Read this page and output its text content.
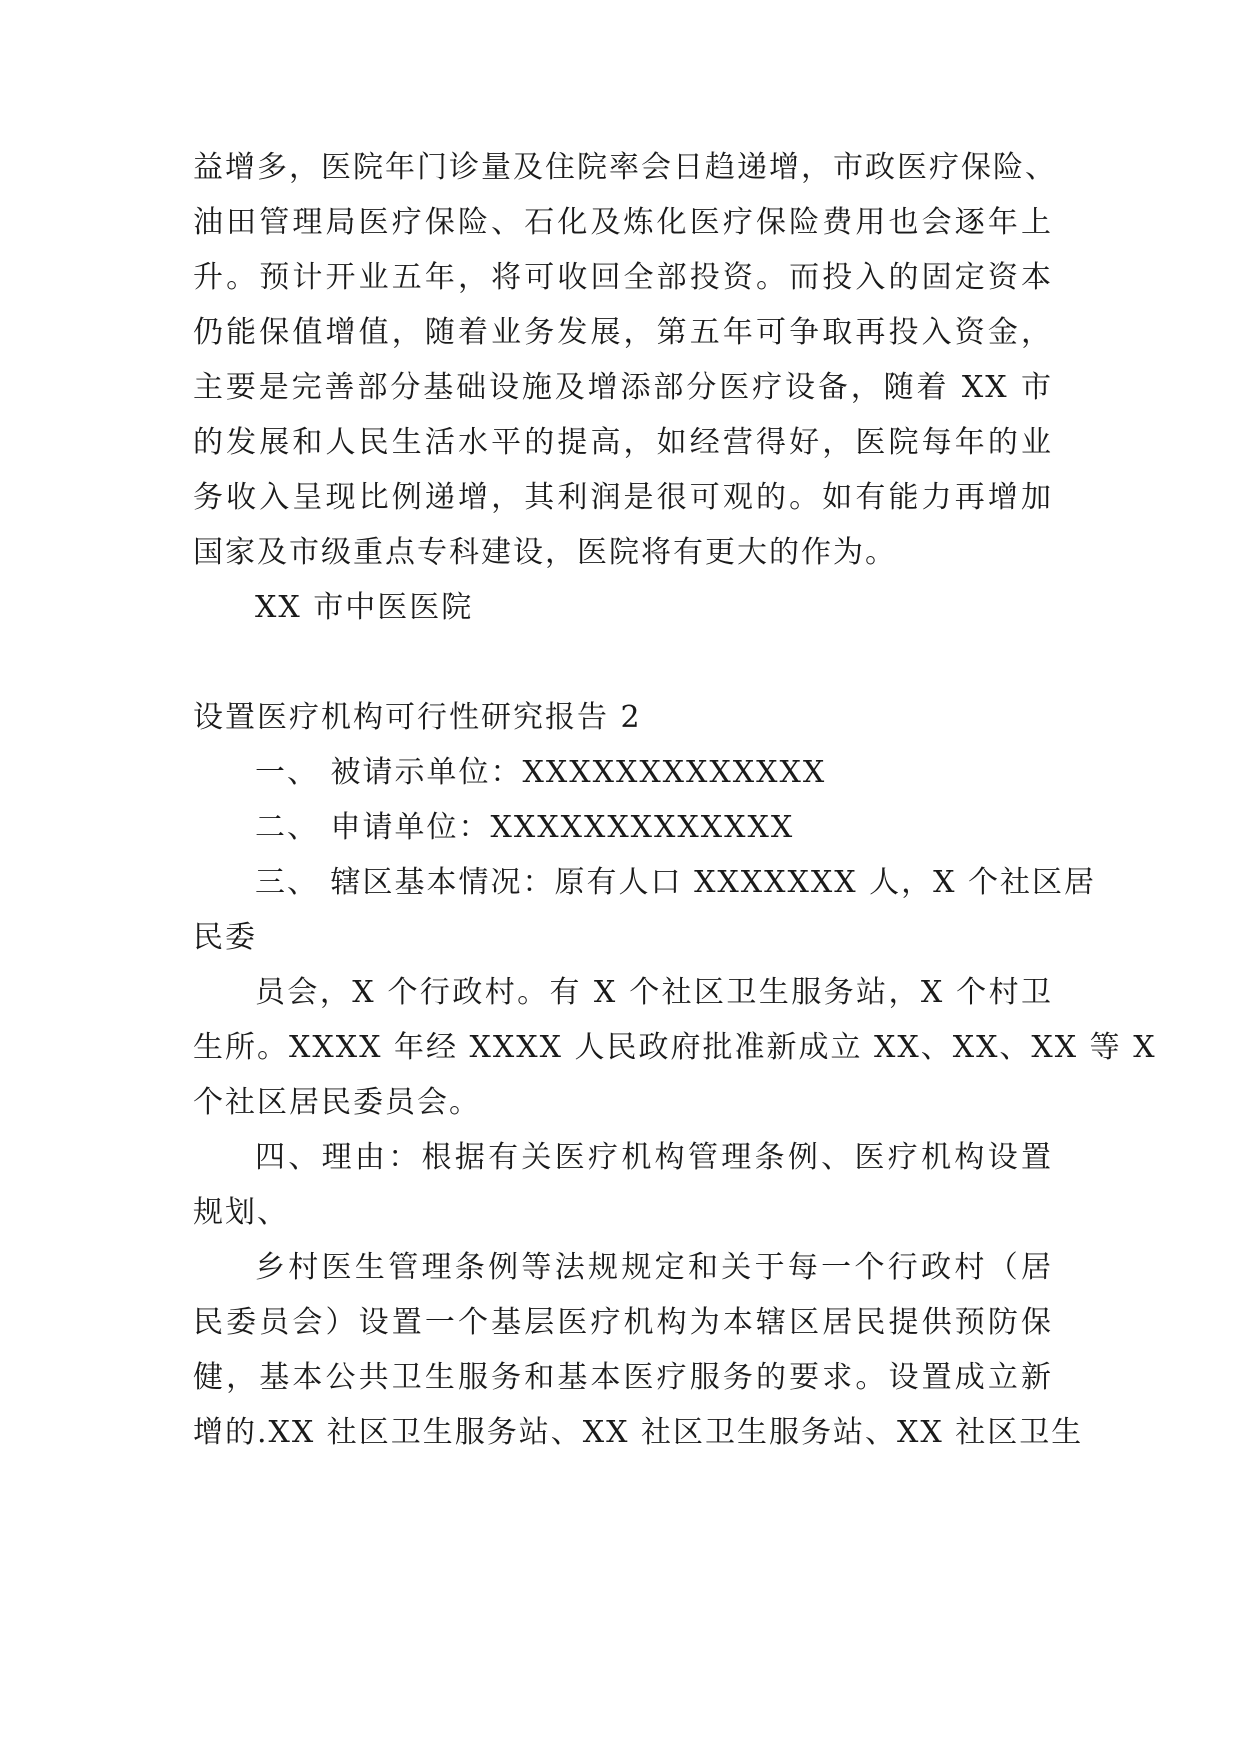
益增多，医院年门诊量及住院率会日趋递增，市政医疗保险、
油田管理局医疗保险、石化及炼化医疗保险费用也会逐年上
升。预计开业五年，将可收回全部投资。而投入的固定资本
仍能保值增值，随着业务发展，第五年可争取再投入资金，
主要是完善部分基础设施及增添部分医疗设备，随着 XX 市
的发展和人民生活水平的提高，如经营得好，医院每年的业
务收入呈现比例递增，其利润是很可观的。如有能力再增加
国家及市级重点专科建设，医院将有更大的作为。
XX 市中医医院
设置医疗机构可行性研究报告 2
一、 被请示单位：XXXXXXXXXXXXX
二、 申请单位：XXXXXXXXXXXXX
三、 辖区基本情况：原有人口 XXXXXXX 人，X 个社区居
民委
员会，X 个行政村。有 X 个社区卫生服务站，X 个村卫
生所。XXXX 年经 XXXX 人民政府批准新成立 XX、XX、XX 等 X
个社区居民委员会。
四、理由：根据有关医疗机构管理条例、医疗机构设置
规划、
乡村医生管理条例等法规规定和关于每一个行政村（居
民委员会）设置一个基层医疗机构为本辖区居民提供预防保
健，基本公共卫生服务和基本医疗服务的要求。设置成立新
增的.XX 社区卫生服务站、XX 社区卫生服务站、XX 社区卫生
